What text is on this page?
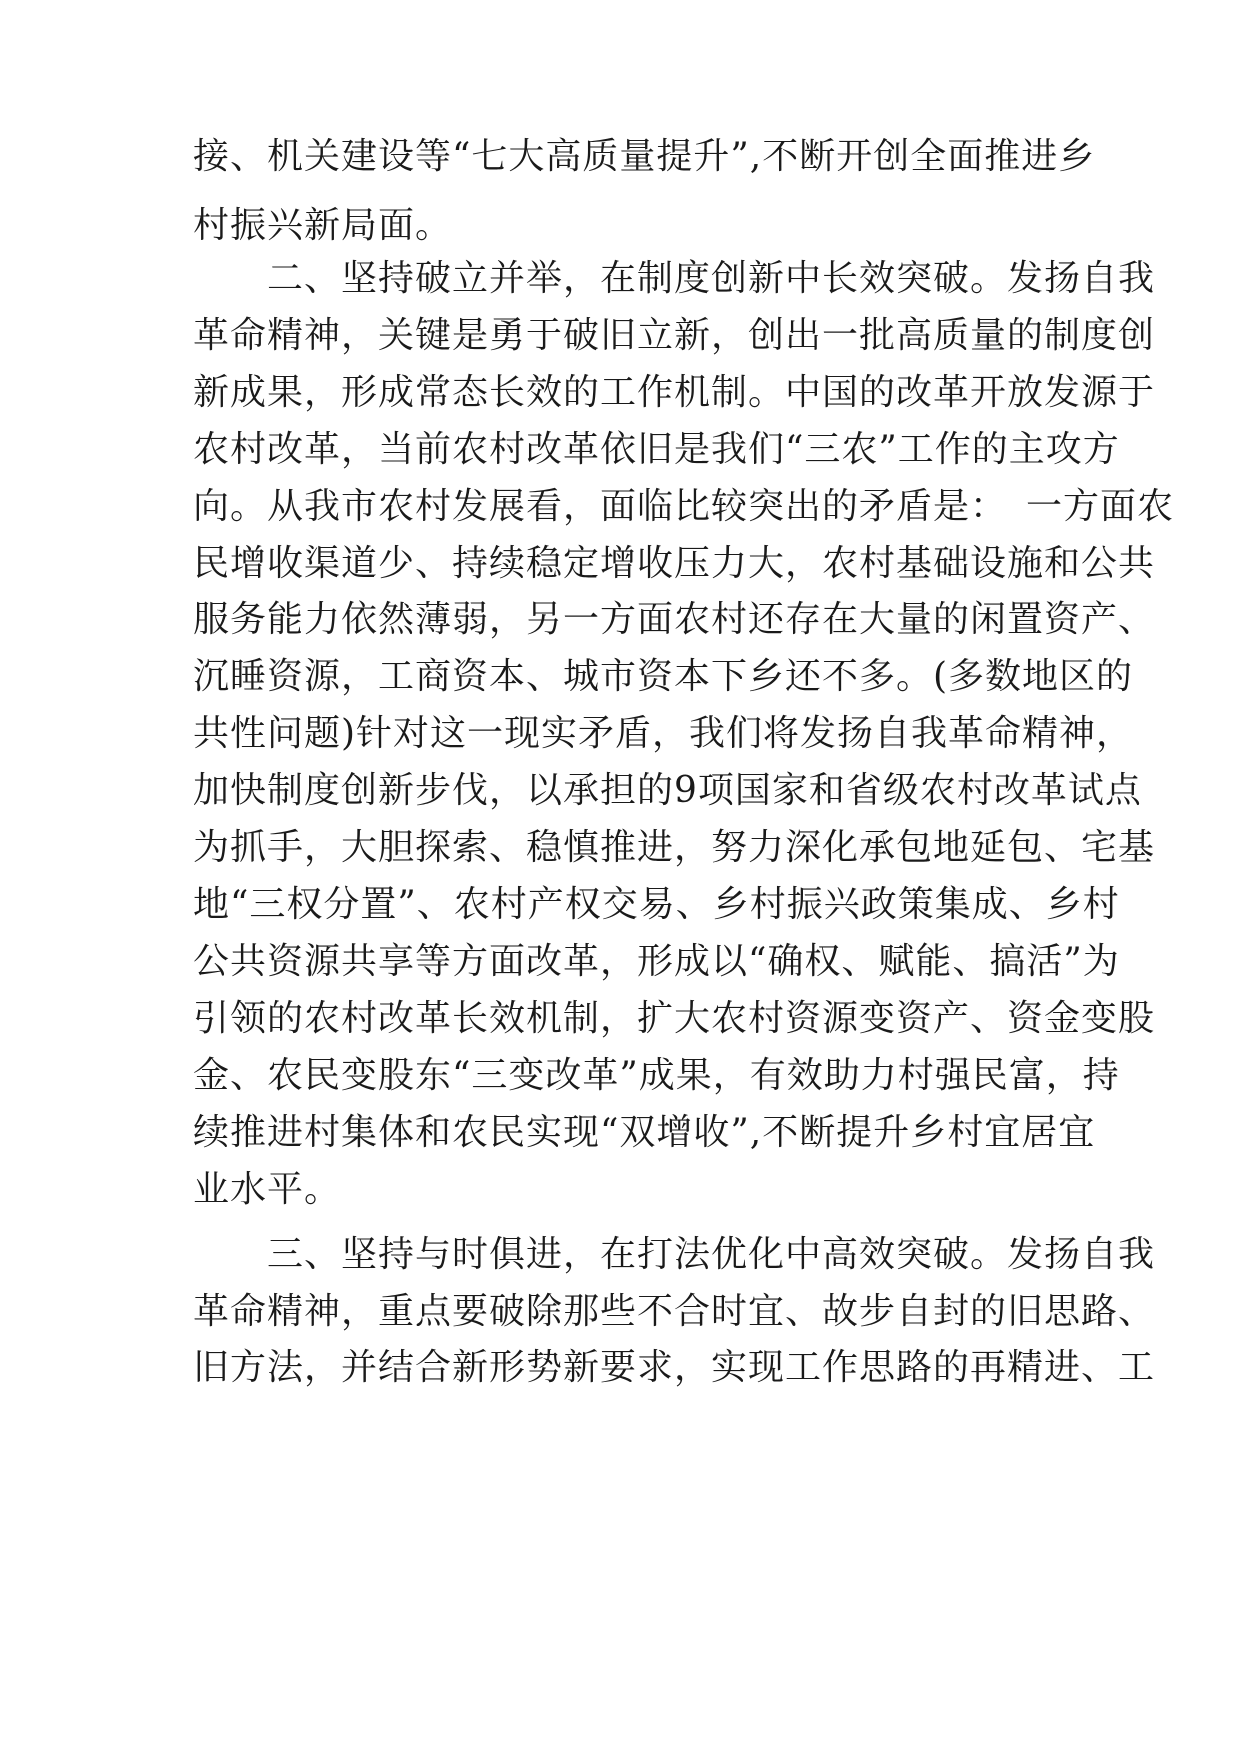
接、机关建设等“七大高质量提升”,不断开创全面推进乡
村振兴新局面。
　　二、坚持破立并举，在制度创新中长效突破。发扬自我
革命精神，关键是勇于破旧立新，创出一批高质量的制度创
新成果，形成常态长效的工作机制。中国的改革开放发源于
农村改革，当前农村改革依旧是我们“三农”工作的主攻方
向。从我市农村发展看，面临比较突出的矛盾是：　一方面农
民增收渠道少、持续稳定增收压力大，农村基础设施和公共
服务能力依然薄弱，另一方面农村还存在大量的闲置资产、
沉睡资源，工商资本、城市资本下乡还不多。(多数地区的
共性问题)针对这一现实矛盾，我们将发扬自我革命精神，
加快制度创新步伐，以承担的9项国家和省级农村改革试点
为抓手，大胆探索、稳慎推进，努力深化承包地延包、宅基
地“三权分置”、农村产权交易、乡村振兴政策集成、乡村
公共资源共享等方面改革，形成以“确权、赋能、搞活”为
引领的农村改革长效机制，扩大农村资源变资产、资金变股
金、农民变股东“三变改革”成果，有效助力村强民富，持
续推进村集体和农民实现“双增收”,不断提升乡村宜居宜
业水平。
　　三、坚持与时俱进，在打法优化中高效突破。发扬自我
革命精神，重点要破除那些不合时宜、故步自封的旧思路、
旧方法，并结合新形势新要求，实现工作思路的再精进、工
